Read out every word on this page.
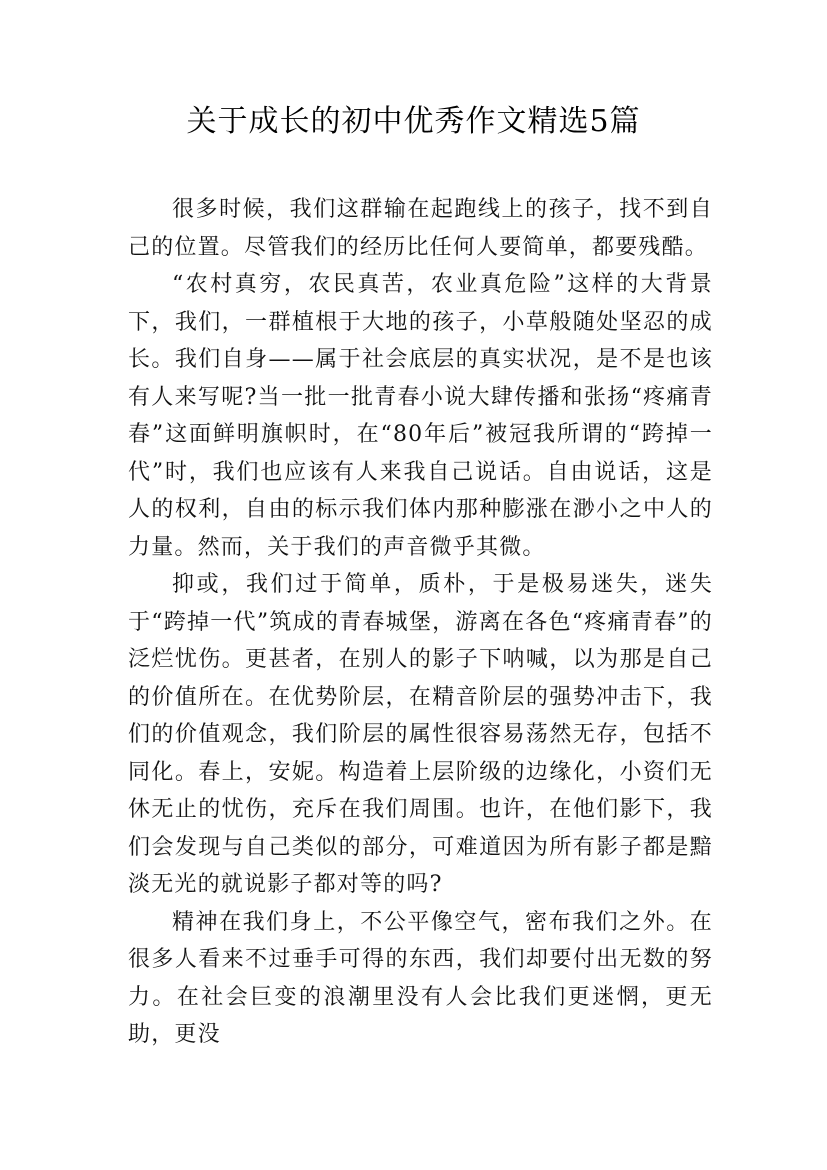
关于成长的初中优秀作文精选5篇

很多时候，我们这群输在起跑线上的孩子，找不到自己的位置。尽管我们的经历比任何人要简单，都要残酷。

“农村真穷，农民真苦，农业真危险”这样的大背景下，我们，一群植根于大地的孩子，小草般随处坚忍的成长。我们自身——属于社会底层的真实状况，是不是也该有人来写呢?当一批一批青春小说大肆传播和张扬“疼痛青春”这面鲜明旗帜时，在“80年后”被冠我所谓的“跨掉一代”时，我们也应该有人来我自己说话。自由说话，这是人的权利，自由的标示我们体内那种膨涨在渺小之中人的力量。然而，关于我们的声音微乎其微。

抑或，我们过于简单，质朴，于是极易迷失，迷失于“跨掉一代”筑成的青春城堡，游离在各色“疼痛青春”的泛烂忧伤。更甚者，在别人的影子下呐喊，以为那是自己的价值所在。在优势阶层，在精音阶层的强势冲击下，我们的价值观念，我们阶层的属性很容易荡然无存，包括不同化。春上，安妮。构造着上层阶级的边缘化，小资们无休无止的忧伤，充斥在我们周围。也许，在他们影下，我们会发现与自己类似的部分，可难道因为所有影子都是黯淡无光的就说影子都对等的吗?

精神在我们身上，不公平像空气，密布我们之外。在很多人看来不过垂手可得的东西，我们却要付出无数的努力。在社会巨变的浪潮里没有人会比我们更迷惘，更无助，更没
